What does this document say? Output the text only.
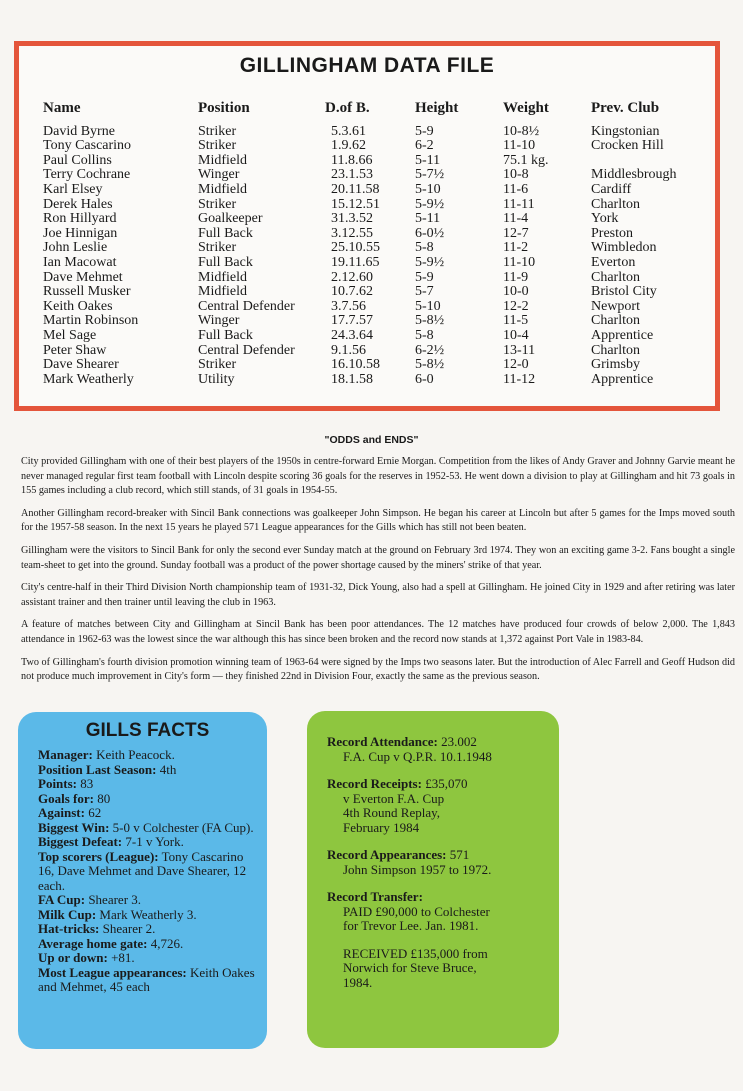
GILLINGHAM DATA FILE
Name	Position	D.of B.	Height	Weight	Prev. Club
David Byrne	Striker	5.3.61	5-9	10-8½	Kingstonian
Tony Cascarino	Striker	1.9.62	6-2	11-10	Crocken Hill
Paul Collins	Midfield	11.8.66	5-11	75.1 kg.	
Terry Cochrane	Winger	23.1.53	5-7½	10-8	Middlesbrough
Karl Elsey	Midfield	20.11.58	5-10	11-6	Cardiff
Derek Hales	Striker	15.12.51	5-9½	11-11	Charlton
Ron Hillyard	Goalkeeper	31.3.52	5-11	11-4	York
Joe Hinnigan	Full Back	3.12.55	6-0½	12-7	Preston
John Leslie	Striker	25.10.55	5-8	11-2	Wimbledon
Ian Macowat	Full Back	19.11.65	5-9½	11-10	Everton
Dave Mehmet	Midfield	2.12.60	5-9	11-9	Charlton
Russell Musker	Midfield	10.7.62	5-7	10-0	Bristol City
Keith Oakes	Central Defender	3.7.56	5-10	12-2	Newport
Martin Robinson	Winger	17.7.57	5-8½	11-5	Charlton
Mel Sage	Full Back	24.3.64	5-8	10-4	Apprentice
Peter Shaw	Central Defender	9.1.56	6-2½	13-11	Charlton
Dave Shearer	Striker	16.10.58	5-8½	12-0	Grimsby
Mark Weatherly	Utility	18.1.58	6-0	11-12	Apprentice
"ODDS and ENDS"

City provided Gillingham with one of their best players of the 1950s in centre-forward Ernie Morgan. Competition from the likes of Andy Graver and Johnny Garvie meant he never managed regular first team football with Lincoln despite scoring 36 goals for the reserves in 1952-53. He went down a division to play at Gillingham and hit 73 goals in 155 games including a club record, which still stands, of 31 goals in 1954-55.

Another Gillingham record-breaker with Sincil Bank connections was goalkeeper John Simpson. He began his career at Lincoln but after 5 games for the Imps moved south for the 1957-58 season. In the next 15 years he played 571 League appearances for the Gills which has still not been beaten.

Gillingham were the visitors to Sincil Bank for only the second ever Sunday match at the ground on February 3rd 1974. They won an exciting game 3-2. Fans bought a single team-sheet to get into the ground. Sunday football was a product of the power shortage caused by the miners' strike of that year.

City's centre-half in their Third Division North championship team of 1931-32, Dick Young, also had a spell at Gillingham. He joined City in 1929 and after retiring was later assistant trainer and then trainer until leaving the club in 1963.

A feature of matches between City and Gillingham at Sincil Bank has been poor attendances. The 12 matches have produced four crowds of below 2,000. The 1,843 attendance in 1962-63 was the lowest since the war although this has since been broken and the record now stands at 1,372 against Port Vale in 1983-84.

Two of Gillingham's fourth division promotion winning team of 1963-64 were signed by the Imps two seasons later. But the introduction of Alec Farrell and Geoff Hudson did not produce much improvement in City's form — they finished 22nd in Division Four, exactly the same as the previous season.

GILLS FACTS
Manager: Keith Peacock.
Position Last Season: 4th
Points: 83
Goals for: 80
Against: 62
Biggest Win: 5-0 v Colchester (FA Cup).
Biggest Defeat: 7-1 v York.
Top scorers (League): Tony Cascarino 16, Dave Mehmet and Dave Shearer, 12 each.
FA Cup: Shearer 3.
Milk Cup: Mark Weatherly 3.
Hat-tricks: Shearer 2.
Average home gate: 4,726.
Up or down: +81.
Most League appearances: Keith Oakes and Mehmet, 45 each
Record Attendance: 23.002
F.A. Cup v Q.P.R. 10.1.1948
Record Receipts: £35,070
v Everton F.A. Cup
4th Round Replay,
February 1984
Record Appearances: 571
John Simpson 1957 to 1972.
Record Transfer:
PAID £90,000 to Colchester
for Trevor Lee. Jan. 1981.
RECEIVED £135,000 from
Norwich for Steve Bruce,
1984.
